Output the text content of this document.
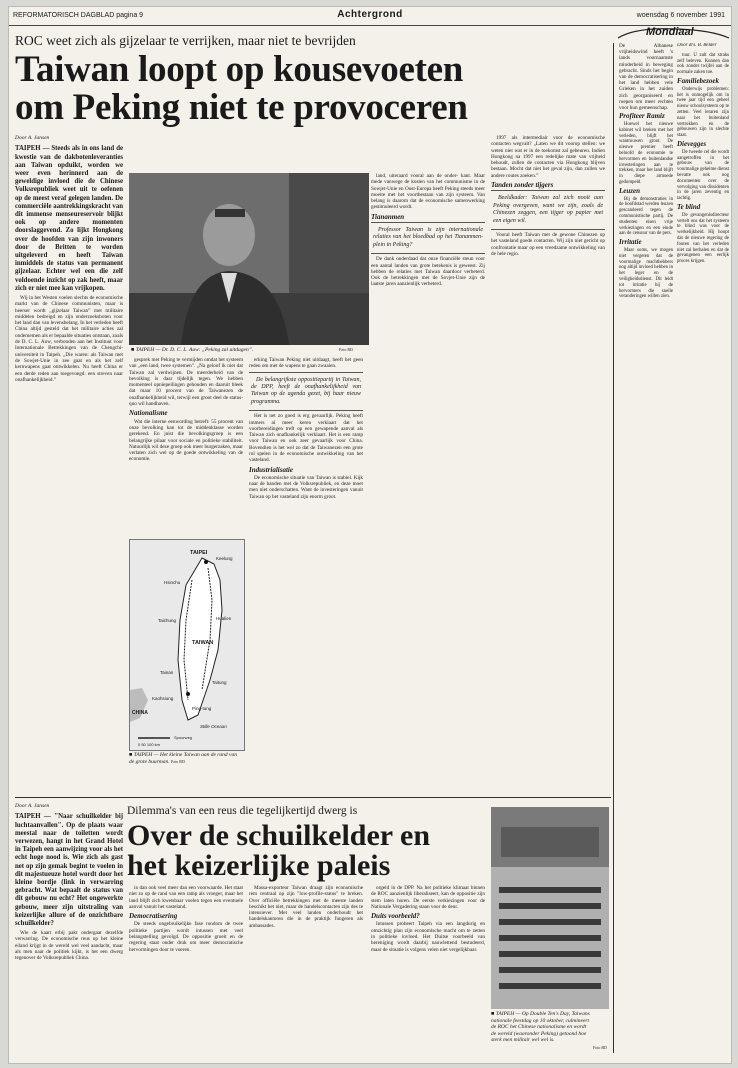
REFORMATORISCH DAGBLAD pagina 9	Achtergrond	woensdag 6 november 1991
Mondiaal
ROC weet zich als gijzelaar te verrijken, maar niet te bevrijden
Taiwan loopt op kousevoeten
om Peking niet te provoceren

Door A. Jansen

TAIPEH — Steeds als in ons land de kwestie van de dakbotenleveranties aan Taiwan opduikt, worden we weer even herinnerd aan de geweldige invloed die de Chinese Volksrepubliek weet uit te oefenen op de meest veraf gelegen landen. De commerciële aantrekkingskracht van dit immense menseureservoir blijkt ook op andere momenten doorslaggevend. Zo lijkt Hongkong over de hoofden van zijn inwoners door de Britten te worden uitgeleverd en heeft Taiwan inmiddels de status van permanent gijzelaar. Echter wel een die zelf voldoende inzicht op zak heeft, maar zich er niet mee kan vrijkopen.

Wij in het Westen voelen slechts de economische markt van de Chinese communisten, maar is heerser wordt „gijzelaar Taiwan” met militaire middelen bedreigd en zijn onderzoeksboten voor het land dan van levensbelang. In het verleden heeft China altijd gesteld dat het militaire acties zal ondernemen als er bepaalde situaties ontstaan, zoals de D. C. L. Auw, verbonden aan het Instituut voor Internationale Betrekkingen van de Chengchi-universiteit in Taipeh. „Die waren: als Taiwan met de Sowjet-Unie in zee gaat en als het zelf kernwapens gaat ontwikkelen. Nu heeft China er een derde reden aan toegevoegd: een streven naar onafhankelijkheid.”

■ TAIPEH — Dr. D. C. L. Auw: „Peking zal uitdagen”.	Foto RD

gesprek met Peking te vermijden omdat het systeem van „een land, twee systemen”. „Na geloof ik niet dat Taiwan zal verdwijnen. De meerderheid van de bevolking is daar tijdelijk tegen. We hebben momenteel opniepeilingen gehouden en daaruit bleek dat maar 10 procent van de Taiwanezen de onafhankelijkheid wil, terwijl een groot deel de status-quo wil handhaven.

Nationalisme

Wat die interne eenwording betreft: 55 procent van onze bevolking kan tot de middenklasse worden gerekend. En juist die bevolkingsgroep is een belangrijke pilaar voor sociale en politieke stabiliteit. Natuurlijk wil deze groep ook meer burgerzaken, maar verlaten zich wel op de goede ontwikkeling van de economie.

erking Taiwan Peking niet uitdaagt, heeft het geen reden om met de wapens te gaan zwaaien.

De belangrijkste oppositiepartij in Taiwan, de DPP, heeft de onafhankelijkheid van Taiwan op de agenda gezet, bij haar nieuw programma.

Het is net zo goed is erg gevaarlijk. Peking heeft immers al meer keren verklaart dat het voorbereidingen treft op een gewapende aanval als Taiwan zich onafhankelijk verklaart. Het is een ramp voor Taiwan en ook zeer gevaarlijk voor China. Bovendien is het wel zo dat de Taiwanezen een grote rol spelen in de economische ontwikkeling van het vasteland.

Industrialisatie

De economische situatie van Taiwan is stabiel. Kijk naar de banden met de Volksrepubliek, en deze moet men niet onderschatten. Want de investeringen vanuit Taiwan op het vasteland zijn enorm groot.

TAIPEI
Keelung
Hsinchu
Taichung	Hualien
TAIWAN
Tainan
Taitung
Kaohsiung
Ping-tung
CHINA
Stille Oceaan
Spoorweg
0 50 100 km
■ TAIPEH — Het kleine Taiwan aan de rand van de grote buurman. Foto RD

land, uiteraard vooral aan de onder- kant. Maar mede vanwege de kosten van het communisme in de Sowjet-Unie en Oost-Europa heeft Peking steeds meer moeite met het voortbestaan van zijn systeem. Van belang is daarom dat de economische samenwerking gestimuleerd wordt.

Tiananmen

Professor Taiwan is zijn internationale relaties van het bloedbad op het Tiananmen-plein in Peking?

De dank onderdaad dat onze financiële steun voor een aantal landen van grote betekenis is geweest. Zij hebben de relaties met Taiwan daardoor verbeterd. Ook de betrekkingen met de Sovjet-Unie zijn de laatste jaren aanzienlijk verbeterd.

1997 als intermediair voor de economische contacten wegvalt? „Laten we dit voorop stellen: we weten niet wat er in de toekomst zal gebeuren. Indien Hongkong na 1997 een redelijke mate van vrijheid behoudt, zullen de contacten via Hongkong blijven bestaan. Mocht dat niet het geval zijn, dan zullen we andere routes zoeken.”

Tanden zonder tijgers

Beeldkader: Taiwan zal zich nooit aan Peking overgeven, want we zijn, zoals de Chinezen zeggen, een tijger op papier met een eigen wil.

Vooral heeft Taiwan met de gewone Chinezen op het vasteland goede contacten. Wij zijn niet gericht op confrontatie maar op een vreedzame ontwikkeling van de hele regio.

Dilemma's van een reus die tegelijkertijd dwerg is
Over de schuilkelder en
het keizerlijke paleis

Door A. Jansen

TAIPEH — "Naar schuilkelder bij luchtaanvallen". Op de plaats waar meestal naar de toiletten wordt verwezen, hangt in het Grand Hotel in Taipeh een aanwijzing voor als het echt hoge nood is. Wie zich als gast net op zijn gemak begint te voelen in dit majestueuze hotel wordt door het kleine bordje (link in verwarring gebracht. Wat bepaalt de status van dit gebouw nu echt? Het ongewerkte gebouw, meer zijn uitstraling van keizerlijke allure of de onzichtbare schuilkelder?

Wie de kaart erbij pakt ondergaat dezelfde verwarring. De economische reus op het kleine eiland krijgt in de wereld wel veel aandacht, maar als men naar de politiek kijkt, is het een dwerg tegenover de Volksrepubliek China.

in dan ook veel meer dan een voorwaarde. Het staat niet zo op de rand van een ramp als vroeger, maar het land blijft zich kwetsbaar voelen tegen een eventuele aanval vanuit het vasteland.

Democratisering

De steeds ongebruikelijke fase rondom de twee politieke partijen wordt intussen met veel belangstelling gevolgd. De oppositie groeit en de regering staat onder druk om meer democratische hervormingen door te voeren.

Massa-exporteur Taiwan draagt zijn economische rem centraal op zijn "low-profile-status" te breken. Over officiële betrekkingen met de meeste landen beschikt het niet, maar de handelscontacten zijn des te intensiever. Met veel landen onderhoudt het handelskantoren die in de praktijk fungeren als ambassades.

orgeld in de DPP. Na het politieke klimaat binnen de ROC aanzienlijk liberaliseert, kan de oppositie zijn stem laten horen. De eerste verkiezingen voor de Nationale Vergadering staan voor de deur.

Duits voorbeeld?

Intussen probeert Taipeh via een langdurig en omzichtig plan zijn economische macht om te zetten in politieke invloed. Het Duitse voorbeeld van hereniging wordt daarbij nauwlettend bestudeerd, maar de situatie is volgens velen niet vergelijkbaar.

■ TAIPEH — Op Double Ten's Day, Taiwans nationale feestdag op 10 oktober, culmineert de ROC het Chinese nationalisme en wordt de wereld (waaronder Peking) getoond hoe sterk men militair wel wel is.
Foto RD

De Albanese vrijheidswind heeft 's lands voornaamste minderheid in beweging gebracht. Sinds het begin van de democratisering in het land hebben vele Grieken in het zuiden zich georganiseerd en roepen om meer rechten voor hun gemeenschap.

Profiteer Ramiz

Hoewel het nieuwe kabinet wil breken met het verleden, blijft het wantrouwen groot. De nieuwe premier heeft beloofd de economie te hervormen en buitenlandse investeringen aan te trekken, maar het land blijft in diepe armoede gedompeld.

Leuzen

Bij de demonstraties in de hoofdstad werden leuzen gescandeerd tegen de communistische partij. De studenten eisen vrije verkiezingen en een einde aan de censuur van de pers.

Irritatie

Maar soms, we mogen niet vergeten dat de voormalige machthebbers nog altijd invloed hebben in het leger en de veiligheidsdienst. Dit leidt tot irritatie bij de hervormers die snelle veranderingen willen zien.

Door drs. B. Belder

tuur. U zult dat straks zelf beleven. Kunnen dan ook zonder twijfel aan de normale zaken toe.

Familiebezoek

Onderwijs problemen: het is onmogelijk om in twee jaar tijd een geheel nieuw schoolsysteem op te zetten. Veel leraren zijn naar het buitenland vertrokken en de gebouwen zijn in slechte staat.

Dievegges

De tweede cel die wordt aangetroffen in het gebouw van de voormalige geheime dienst bevatte ook nog documenten over de vervolging van dissidenten in de jaren zeventig en tachtig.

Te blind

De gevangenisdirecteur vertelt ons dat het systeem te blind was voor de werkelijkheid. Hij hoopt dat de nieuwe regering de fouten van het verleden niet zal herhalen en dat de gevangenen een eerlijk proces krijgen.
